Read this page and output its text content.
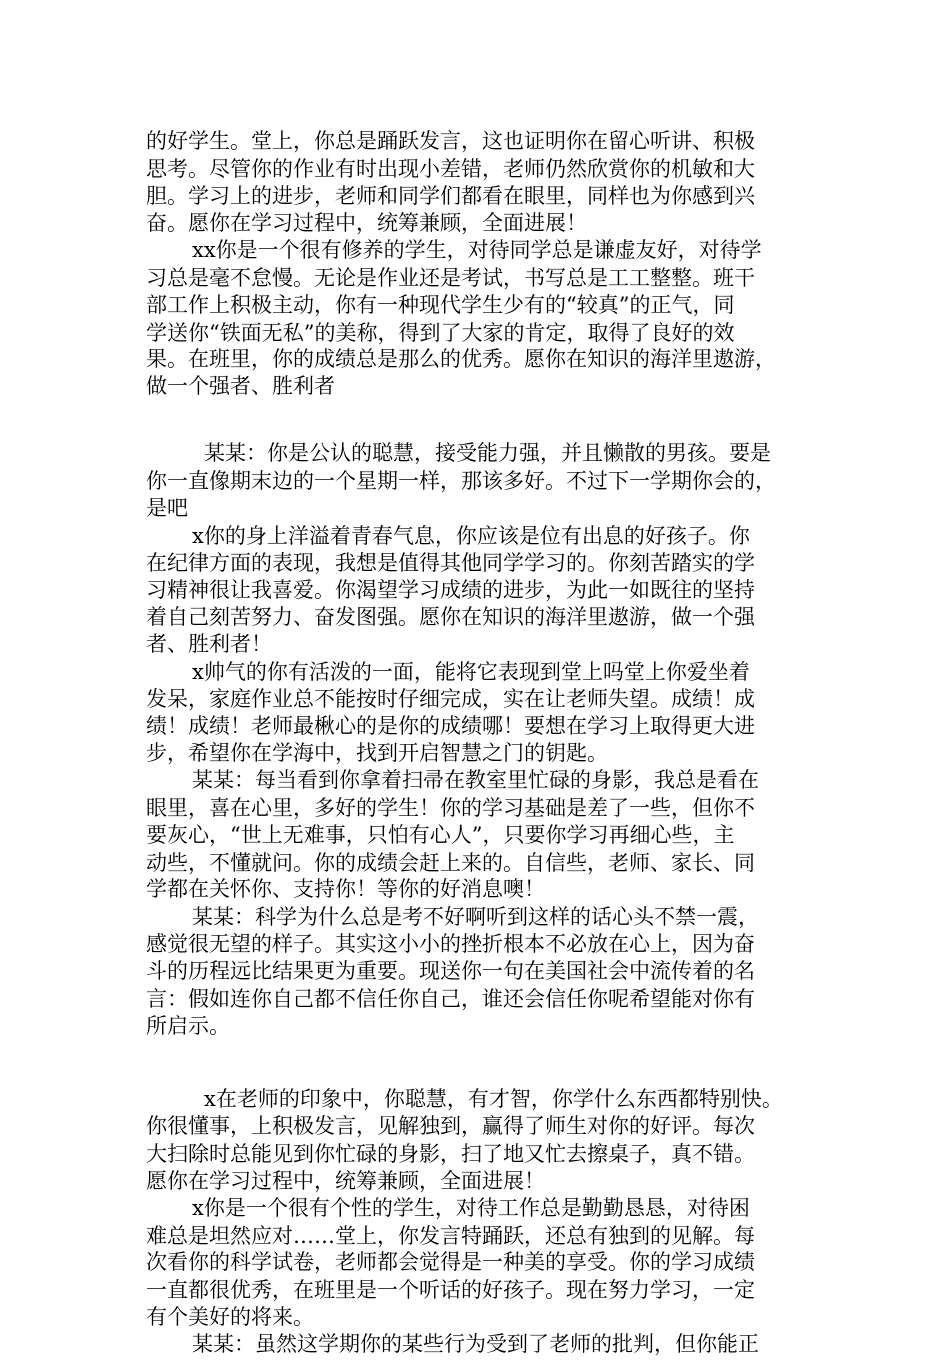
的好学生。堂上，你总是踊跃发言，这也证明你在留心听讲、积极

思考。尽管你的作业有时出现小差错，老师仍然欣赏你的机敏和大

胆。学习上的进步，老师和同学们都看在眼里，同样也为你感到兴

奋。愿你在学习过程中，统筹兼顾，全面进展！

xx你是一个很有修养的学生，对待同学总是谦虚友好，对待学

习总是毫不怠慢。无论是作业还是考试，书写总是工工整整。班干

部工作上积极主动，你有一种现代学生少有的“较真”的正气，同

学送你“铁面无私”的美称，得到了大家的肯定，取得了良好的效

果。在班里，你的成绩总是那么的优秀。愿你在知识的海洋里遨游，

做一个强者、胜利者

某某：你是公认的聪慧，接受能力强，并且懒散的男孩。要是

你一直像期末边的一个星期一样，那该多好。不过下一学期你会的，

是吧

x你的身上洋溢着青春气息，你应该是位有出息的好孩子。你

在纪律方面的表现，我想是值得其他同学学习的。你刻苦踏实的学

习精神很让我喜爱。你渴望学习成绩的进步，为此一如既往的坚持

着自己刻苦努力、奋发图强。愿你在知识的海洋里遨游，做一个强

者、胜利者！

x帅气的你有活泼的一面，能将它表现到堂上吗堂上你爱坐着

发呆，家庭作业总不能按时仔细完成，实在让老师失望。成绩！成

绩！成绩！老师最楸心的是你的成绩哪！要想在学习上取得更大进

步，希望你在学海中，找到开启智慧之门的钥匙。

某某：每当看到你拿着扫帚在教室里忙碌的身影，我总是看在

眼里，喜在心里，多好的学生！你的学习基础是差了一些，但你不

要灰心，“世上无难事，只怕有心人”，只要你学习再细心些，主

动些，不懂就问。你的成绩会赶上来的。自信些，老师、家长、同

学都在关怀你、支持你！等你的好消息噢！

某某：科学为什么总是考不好啊听到这样的话心头不禁一震，

感觉很无望的样子。其实这小小的挫折根本不必放在心上，因为奋

斗的历程远比结果更为重要。现送你一句在美国社会中流传着的名

言：假如连你自己都不信任你自己，谁还会信任你呢希望能对你有

所启示。

x在老师的印象中，你聪慧，有才智，你学什么东西都特别快。

你很懂事，上积极发言，见解独到，赢得了师生对你的好评。每次

大扫除时总能见到你忙碌的身影，扫了地又忙去擦桌子，真不错。

愿你在学习过程中，统筹兼顾，全面进展！

x你是一个很有个性的学生，对待工作总是勤勤恳恳，对待困

难总是坦然应对……堂上，你发言特踊跃，还总有独到的见解。每

次看你的科学试卷，老师都会觉得是一种美的享受。你的学习成绩

一直都很优秀，在班里是一个听话的好孩子。现在努力学习，一定

有个美好的将来。

某某：虽然这学期你的某些行为受到了老师的批判，但你能正
